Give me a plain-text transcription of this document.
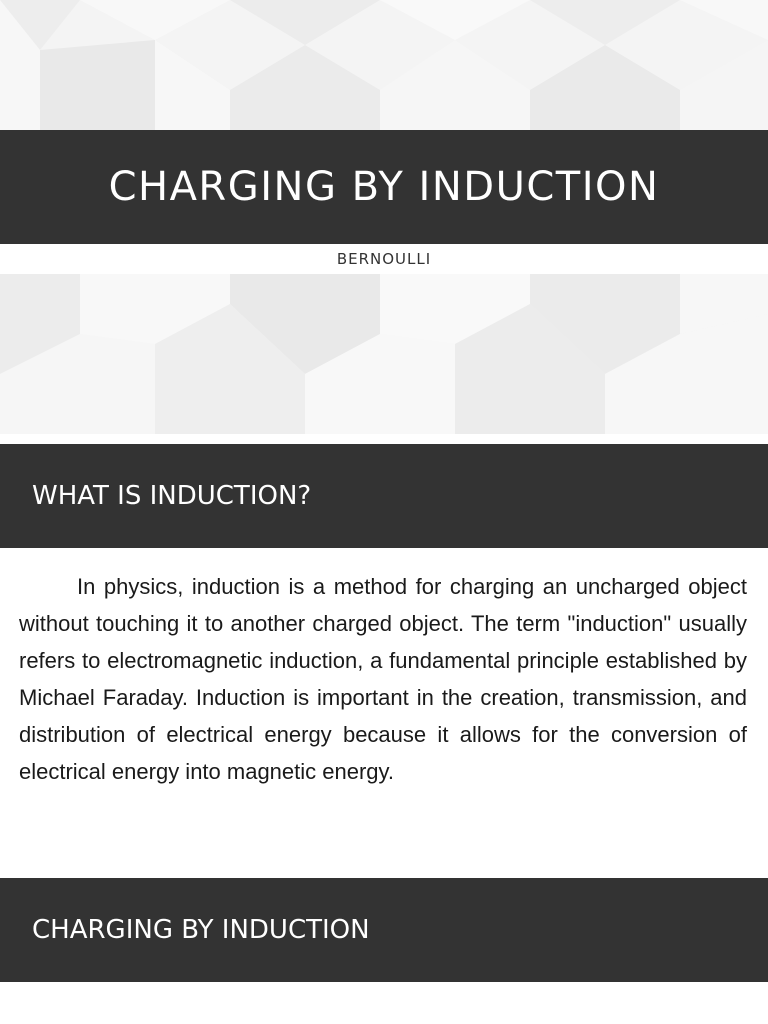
CHARGING BY INDUCTION
BERNOULLI
WHAT IS INDUCTION?

In physics, induction is a method for charging an uncharged object without touching it to another charged object. The term "induction" usually refers to electromagnetic induction, a fundamental principle established by Michael Faraday. Induction is important in the creation, transmission, and distribution of electrical energy because it allows for the conversion of electrical energy into magnetic energy.

CHARGING BY INDUCTION
